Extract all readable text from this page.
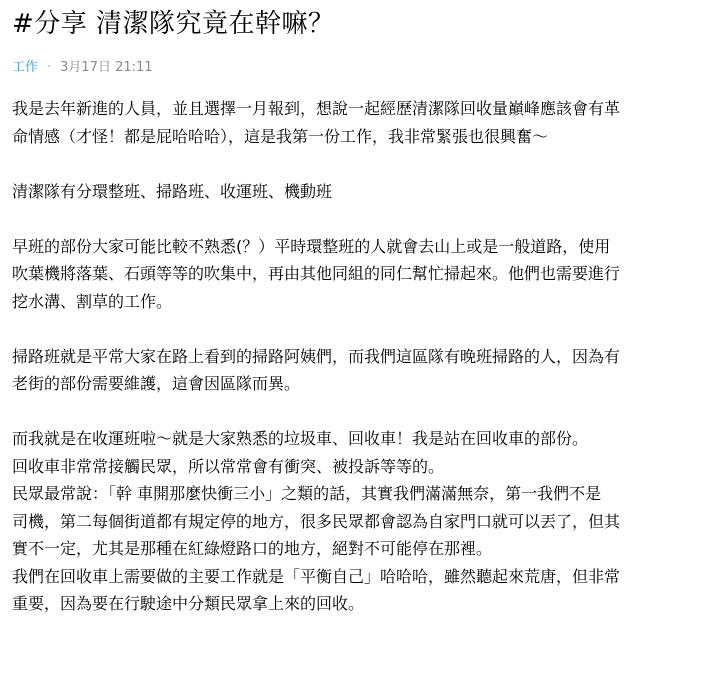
#分享 清潔隊究竟在幹嘛？
工作 · 3月17日 21:11

我是去年新進的人員，並且選擇一月報到，想說一起經歷清潔隊回收量巔峰應該會有革

命情感（才怪！都是屁哈哈哈），這是我第一份工作，我非常緊張也很興奮～

清潔隊有分環整班、掃路班、收運班、機動班

早班的部份大家可能比較不熟悉(？）平時環整班的人就會去山上或是一般道路，使用

吹葉機將落葉、石頭等等的吹集中，再由其他同組的同仁幫忙掃起來。他們也需要進行

挖水溝、割草的工作。

掃路班就是平常大家在路上看到的掃路阿姨們，而我們這區隊有晚班掃路的人，因為有

老街的部份需要維護，這會因區隊而異。

而我就是在收運班啦～就是大家熟悉的垃圾車、回收車！我是站在回收車的部份。

回收車非常常接觸民眾，所以常常會有衝突、被投訴等等的。

民眾最常說：「幹 車開那麼快衝三小」之類的話，其實我們滿滿無奈，第一我們不是

司機，第二每個街道都有規定停的地方，很多民眾都會認為自家門口就可以丟了，但其

實不一定，尤其是那種在紅綠燈路口的地方，絕對不可能停在那裡。

我們在回收車上需要做的主要工作就是「平衡自己」哈哈哈，雖然聽起來荒唐，但非常

重要，因為要在行駛途中分類民眾拿上來的回收。
